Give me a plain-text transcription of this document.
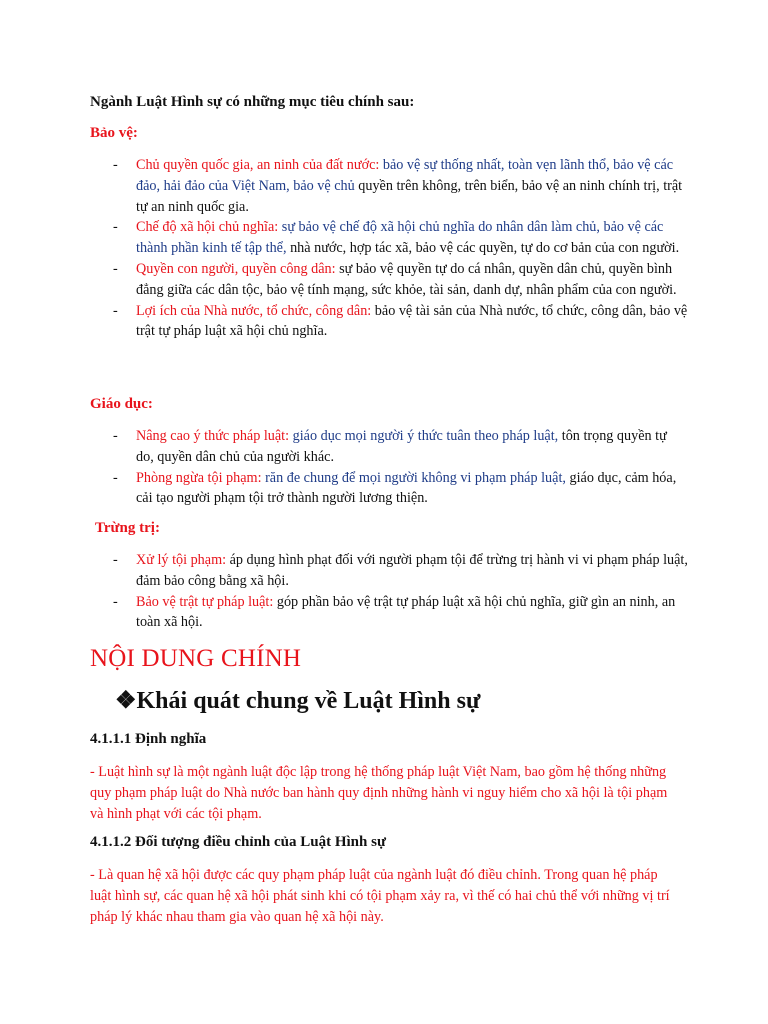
Ngành Luật Hình sự có những mục tiêu chính sau:
Bảo vệ:
- Chủ quyền quốc gia, an ninh của đất nước: bảo vệ sự thống nhất, toàn vẹn lãnh thổ, bảo vệ các đảo, hải đảo của Việt Nam, bảo vệ chủ quyền trên không, trên biển, bảo vệ an ninh chính trị, trật tự an ninh quốc gia.
- Chế độ xã hội chủ nghĩa: sự bảo vệ chế độ xã hội chủ nghĩa do nhân dân làm chủ, bảo vệ các thành phần kinh tế tập thể, nhà nước, hợp tác xã, bảo vệ các quyền, tự do cơ bản của con người.
- Quyền con người, quyền công dân: sự bảo vệ quyền tự do cá nhân, quyền dân chủ, quyền bình đẳng giữa các dân tộc, bảo vệ tính mạng, sức khỏe, tài sản, danh dự, nhân phẩm của con người.
- Lợi ích của Nhà nước, tổ chức, công dân: bảo vệ tài sản của Nhà nước, tổ chức, công dân, bảo vệ trật tự pháp luật xã hội chủ nghĩa.
Giáo dục:
- Nâng cao ý thức pháp luật: giáo dục mọi người ý thức tuân theo pháp luật, tôn trọng quyền tự do, quyền dân chủ của người khác.
- Phòng ngừa tội phạm: răn đe chung để mọi người không vi phạm pháp luật, giáo dục, cảm hóa, cải tạo người phạm tội trở thành người lương thiện.
Trừng trị:
- Xử lý tội phạm: áp dụng hình phạt đối với người phạm tội để trừng trị hành vi vi phạm pháp luật, đảm bảo công bằng xã hội.
- Bảo vệ trật tự pháp luật: góp phần bảo vệ trật tự pháp luật xã hội chủ nghĩa, giữ gìn an ninh, an toàn xã hội.
NỘI DUNG CHÍNH
❖Khái quát chung về Luật Hình sự
4.1.1.1 Định nghĩa
- Luật hình sự là một ngành luật độc lập trong hệ thống pháp luật Việt Nam, bao gồm hệ thống những quy phạm pháp luật do Nhà nước ban hành quy định những hành vi nguy hiểm cho xã hội là tội phạm và hình phạt với các tội phạm.
4.1.1.2 Đối tượng điều chỉnh của Luật Hình sự
- Là quan hệ xã hội được các quy phạm pháp luật của ngành luật đó điều chỉnh. Trong quan hệ pháp luật hình sự, các quan hệ xã hội phát sinh khi có tội phạm xảy ra, vì thế có hai chủ thể với những vị trí pháp lý khác nhau tham gia vào quan hệ xã hội này.
